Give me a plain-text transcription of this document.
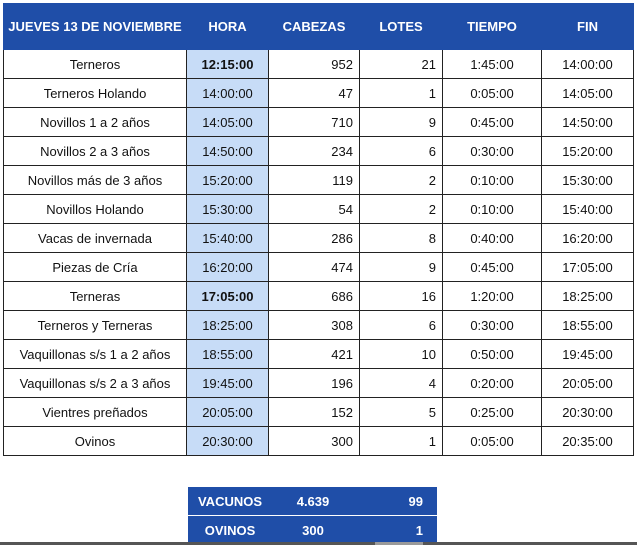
JUEVES 13 DE NOVIEMBRE	HORA	CABEZAS	LOTES	TIEMPO	FIN
Terneros	12:15:00	952	21	1:45:00	14:00:00
Terneros Holando	14:00:00	47	1	0:05:00	14:05:00
Novillos 1 a 2 años	14:05:00	710	9	0:45:00	14:50:00
Novillos 2 a 3 años	14:50:00	234	6	0:30:00	15:20:00
Novillos más de 3 años	15:20:00	119	2	0:10:00	15:30:00
Novillos Holando	15:30:00	54	2	0:10:00	15:40:00
Vacas de invernada	15:40:00	286	8	0:40:00	16:20:00
Piezas de Cría	16:20:00	474	9	0:45:00	17:05:00
Terneras	17:05:00	686	16	1:20:00	18:25:00
Terneros y Terneras	18:25:00	308	6	0:30:00	18:55:00
Vaquillonas s/s 1 a 2 años	18:55:00	421	10	0:50:00	19:45:00
Vaquillonas s/s 2 a 3 años	19:45:00	196	4	0:20:00	20:05:00
Vientres preñados	20:05:00	152	5	0:25:00	20:30:00
Ovinos	20:30:00	300	1	0:05:00	20:35:00
VACUNOS	4.639	99
OVINOS	300	1
